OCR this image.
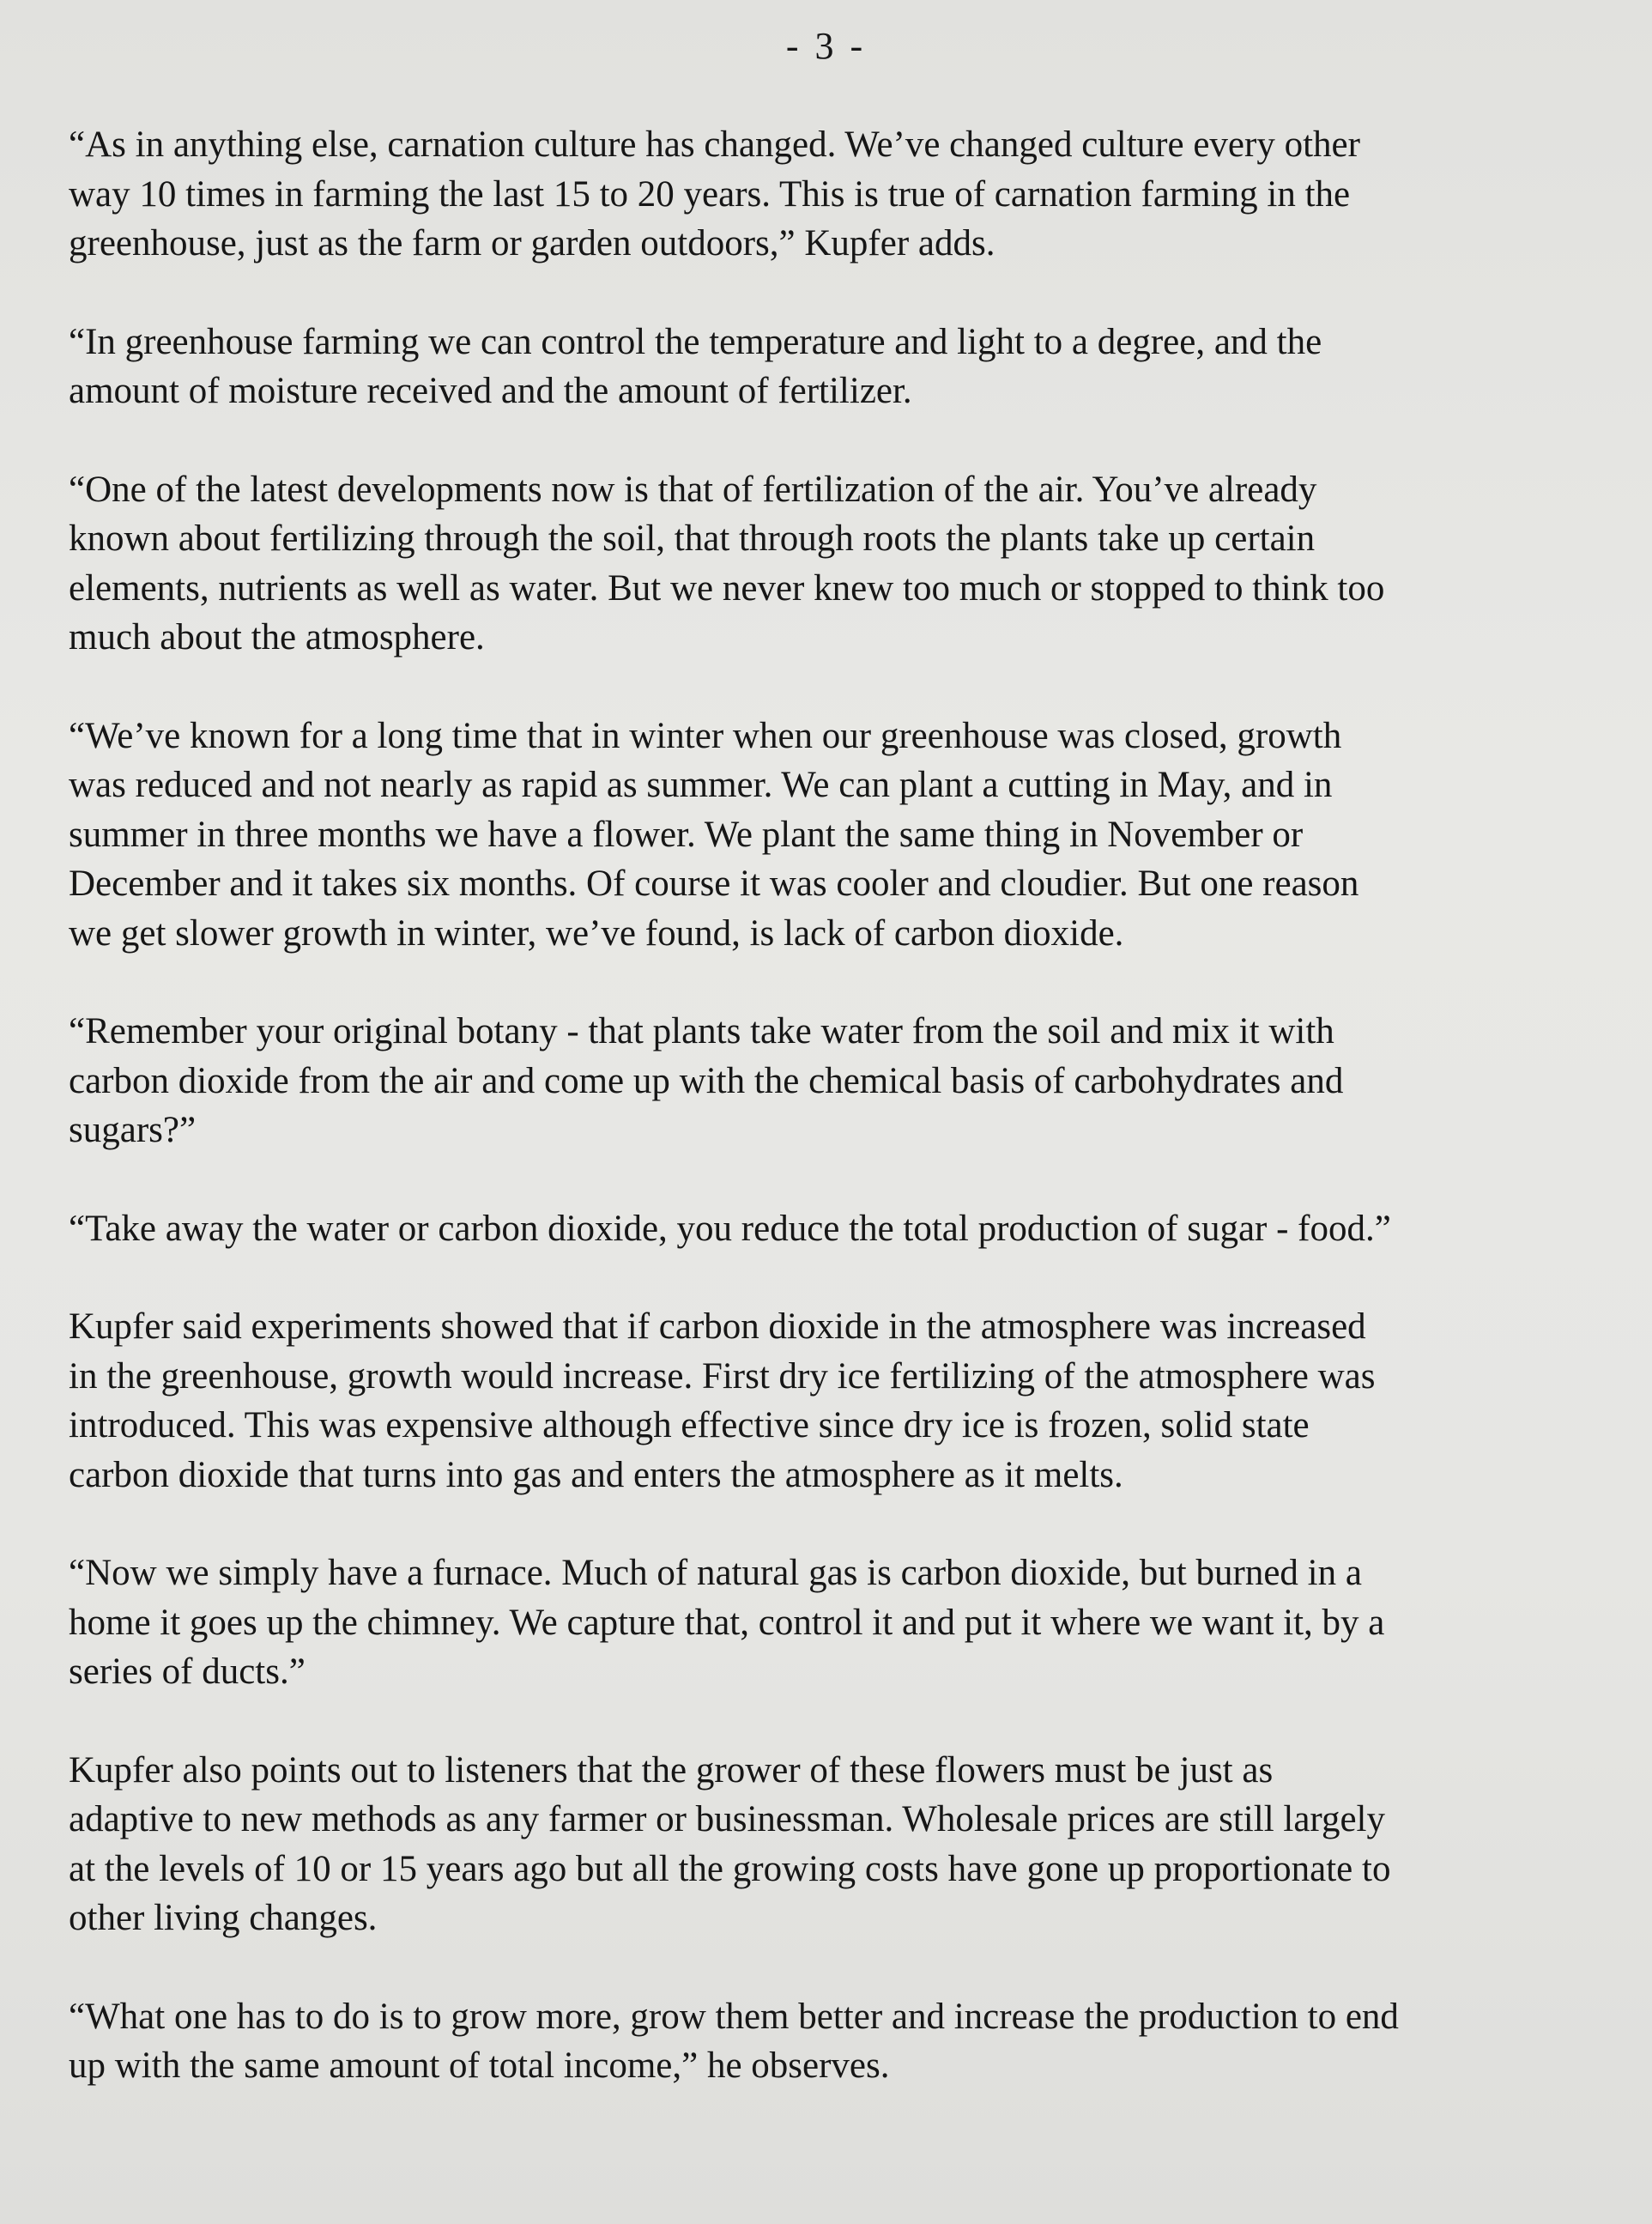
- 3 -

“As in anything else, carnation culture has changed. We’ve changed culture every other
way 10 times in farming the last 15 to 20 years. This is true of carnation farming in the
greenhouse, just as the farm or garden outdoors,” Kupfer adds.

“In greenhouse farming we can control the temperature and light to a degree, and the
amount of moisture received and the amount of fertilizer.

“One of the latest developments now is that of fertilization of the air. You’ve already
known about fertilizing through the soil, that through roots the plants take up certain
elements, nutrients as well as water. But we never knew too much or stopped to think too
much about the atmosphere.

“We’ve known for a long time that in winter when our greenhouse was closed, growth
was reduced and not nearly as rapid as summer. We can plant a cutting in May, and in
summer in three months we have a flower. We plant the same thing in November or
December and it takes six months. Of course it was cooler and cloudier. But one reason
we get slower growth in winter, we’ve found, is lack of carbon dioxide.

“Remember your original botany - that plants take water from the soil and mix it with
carbon dioxide from the air and come up with the chemical basis of carbohydrates and
sugars?”

“Take away the water or carbon dioxide, you reduce the total production of sugar - food.”

Kupfer said experiments showed that if carbon dioxide in the atmosphere was increased
in the greenhouse, growth would increase. First dry ice fertilizing of the atmosphere was
introduced. This was expensive although effective since dry ice is frozen, solid state
carbon dioxide that turns into gas and enters the atmosphere as it melts.

“Now we simply have a furnace. Much of natural gas is carbon dioxide, but burned in a
home it goes up the chimney. We capture that, control it and put it where we want it, by a
series of ducts.”

Kupfer also points out to listeners that the grower of these flowers must be just as
adaptive to new methods as any farmer or businessman. Wholesale prices are still largely
at the levels of 10 or 15 years ago but all the growing costs have gone up proportionate to
other living changes.

“What one has to do is to grow more, grow them better and increase the production to end
up with the same amount of total income,” he observes.
